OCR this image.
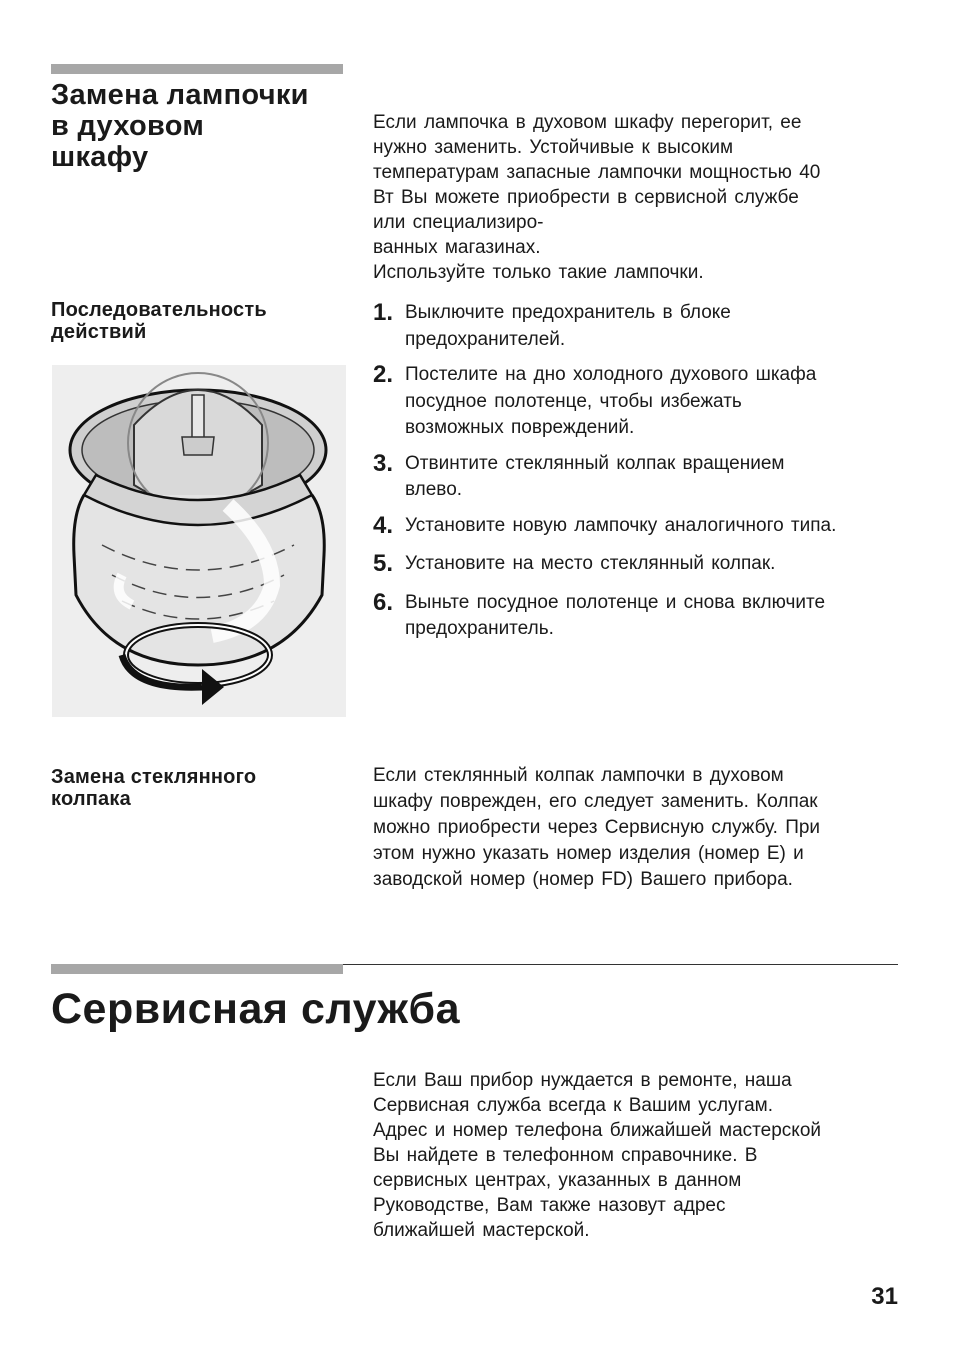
Замена лампочки
в духовом
шкафу
Если лампочка в духовом шкафу перегорит, ее
нужно заменить. Устойчивые к высоким
температурам запасные лампочки мощностью 40
Вт Вы можете приобрести в сервисной службе
или специализиро-
ванных магазинах.
Используйте только такие лампочки.
Последовательность
действий
1. Выключите предохранитель в блоке
предохранителей.
2. Постелите на дно холодного духового шкафа
посудное полотенце, чтобы избежать
возможных повреждений.
3. Отвинтите стеклянный колпак вращением
влево.
4. Установите новую лампочку аналогичного типа.
5. Установите на место стеклянный колпак.
6. Выньте посудное полотенце и снова включите
предохранитель.
Замена стеклянного
колпака
Если стеклянный колпак лампочки в духовом
шкафу поврежден, его следует заменить. Колпак
можно приобрести через Сервисную службу. При
этом нужно указать номер изделия (номер E) и
заводской номер (номер FD) Вашего прибора.
Сервисная служба
Если Ваш прибор нуждается в ремонте, наша
Сервисная служба всегда к Вашим услугам.
Адрес и номер телефона ближайшей мастерской
Вы найдете в телефонном справочнике. В
сервисных центрах, указанных в данном
Руководстве, Вам также назовут адрес
ближайшей мастерской.
31
